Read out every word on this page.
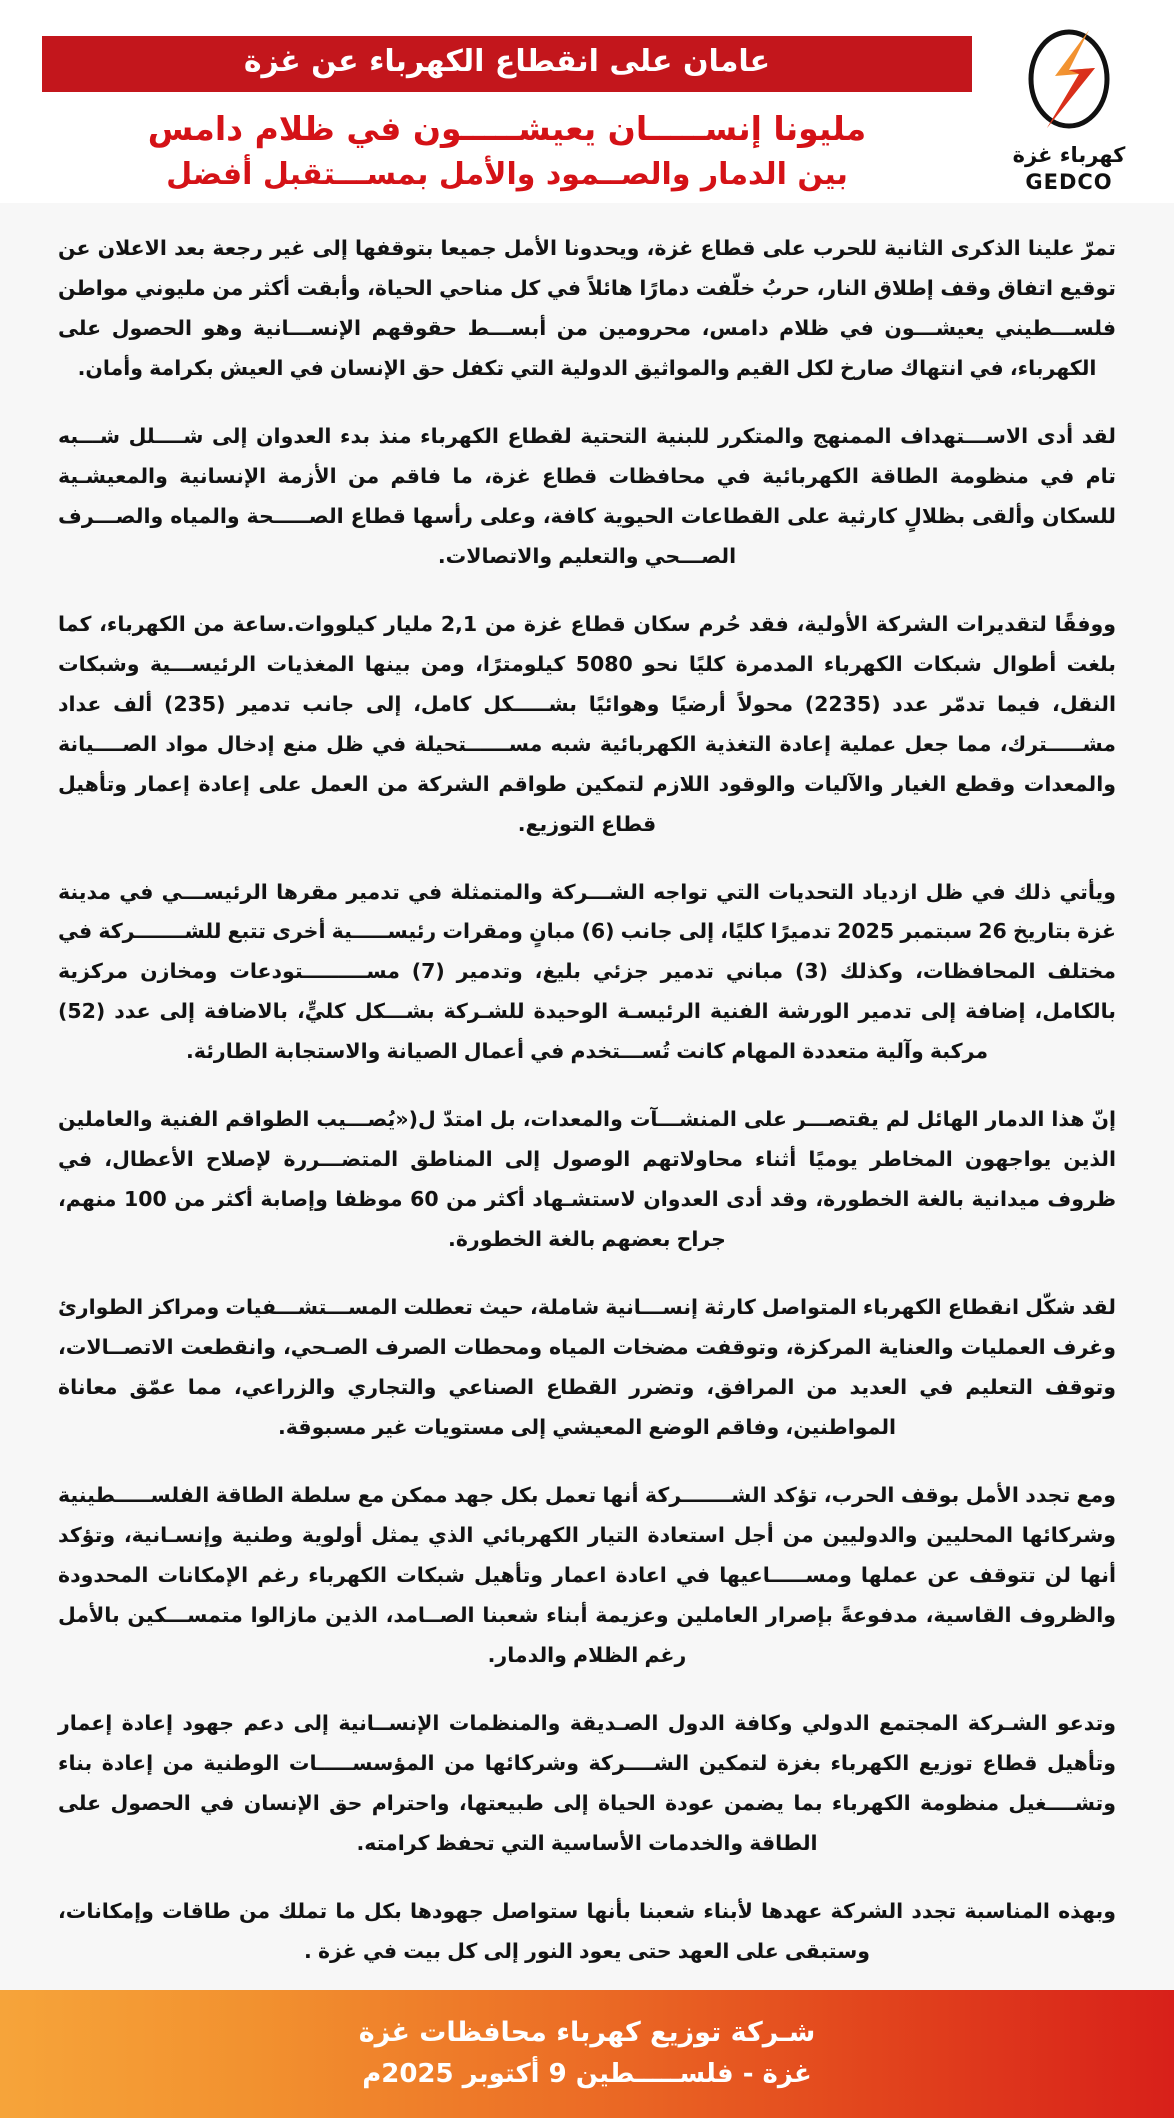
عامان على انقطاع الكهرباء عن غزة
مليونا إنســـــان يعيشـــــون في ظلام دامس
بين الدمار والصــمود والأمل بمســـتقبل أفضل
كهرباء غزة
GEDCO

تمرّ علينا الذكرى الثانية للحرب على قطاع غزة، ويحدونا الأمل جميعا بتوقفها إلى غير رجعة بعد الاعلان عن توقيع اتفاق وقف إطلاق النار، حربُ خلّفت دمارًا هائلاً في كل مناحي الحياة، وأبقت أكثر من مليوني مواطن فلســـطيني يعيشـــون في ظلام دامس، محرومين من أبســـط حقوقهم الإنســـانية وهو الحصول على الكهرباء، في انتهاك صارخ لكل القيم والمواثيق الدولية التي تكفل حق الإنسان في العيش بكرامة وأمان.

لقد أدى الاســـتهداف الممنهج والمتكرر للبنية التحتية لقطاع الكهرباء منذ بدء العدوان إلى شــــلل شـــبه تام في منظومة الطاقة الكهربائية في محافظات قطاع غزة، ما فاقم من الأزمة الإنسانية والمعيشـية للسكان وألقى بظلالٍ كارثية على القطاعات الحيوية كافة، وعلى رأسها قطاع الصـــــحة والمياه والصـــرف الصـــحي والتعليم والاتصالات.

ووفقًا لتقديرات الشركة الأولية، فقد حُرم سكان قطاع غزة من 2,1 مليار كيلووات.ساعة من الكهرباء، كما بلغت أطوال شبكات الكهرباء المدمرة كليًا نحو 5080 كيلومترًا، ومن بينها المغذيات الرئيســـية وشبكات النقل، فيما تدمّر عدد (2235) محولاً أرضيًا وهوائيًا بشـــــكل كامل، إلى جانب تدمير (235) ألف عداد مشـــــترك، مما جعل عملية إعادة التغذية الكهربائية شبه مســــــتحيلة في ظل منع إدخال مواد الصــــيانة والمعدات وقطع الغيار والآليات والوقود اللازم لتمكين طواقم الشركة من العمل على إعادة إعمار وتأهيل قطاع التوزيع.

ويأتي ذلك في ظل ازدياد التحديات التي تواجه الشـــركة والمتمثلة في تدمير مقرها الرئيســـي في مدينة غزة بتاريخ 26 سبتمبر 2025 تدميرًا كليًا، إلى جانب (6) مبانٍ ومقرات رئيســـــية أخرى تتبع للشـــــــركة في مختلف المحافظات، وكذلك (3) مباني تدمير جزئي بليغ، وتدمير (7) مســـــــــتودعات ومخازن مركزية بالكامل، إضافة إلى تدمير الورشة الفنية الرئيسـة الوحيدة للشـركة بشـــكل كليٍّ، بالاضافة إلى عدد (52) مركبة وآلية متعددة المهام كانت تُســـتخدم في أعمال الصيانة والاستجابة الطارئة.

إنّ هذا الدمار الهائل لم يقتصـــر على المنشـــآت والمعدات، بل امتدّ ل(«يُصـــيب الطواقم الفنية والعاملين الذين يواجهون المخاطر يوميًا أثناء محاولاتهم الوصول إلى المناطق المتضـــررة لإصلاح الأعطال، في ظروف ميدانية بالغة الخطورة، وقد أدى العدوان لاستشـهاد أكثر من 60 موظفا وإصابة أكثر من 100 منهم، جراح بعضهم بالغة الخطورة.

لقد شكّل انقطاع الكهرباء المتواصل كارثة إنســـانية شاملة، حيث تعطلت المســـتشـــفيات ومراكز الطوارئ وغرف العمليات والعناية المركزة، وتوقفت مضخات المياه ومحطات الصرف الصـحي، وانقطعت الاتصــالات، وتوقف التعليم في العديد من المرافق، وتضرر القطاع الصناعي والتجاري والزراعي، مما عمّق معاناة المواطنين، وفاقم الوضع المعيشي إلى مستويات غير مسبوقة.

ومع تجدد الأمل بوقف الحرب، تؤكد الشـــــــركة أنها تعمل بكل جهد ممكن مع سلطة الطاقة الفلســـــطينية وشركائها المحليين والدوليين من أجل استعادة التيار الكهربائي الذي يمثل أولوية وطنية وإنسـانية، وتؤكد أنها لن تتوقف عن عملها ومســـــاعيها في اعادة اعمار وتأهيل شبكات الكهرباء رغم الإمكانات المحدودة والظروف القاسية، مدفوعةً بإصرار العاملين وعزيمة أبناء شعبنا الصــامد، الذين مازالوا متمســـكين بالأمل رغم الظلام والدمار.

وتدعو الشـركة المجتمع الدولي وكافة الدول الصـديقة والمنظمات الإنســانية إلى دعم جهود إعادة إعمار وتأهيل قطاع توزيع الكهرباء بغزة لتمكين الشــــركة وشركائها من المؤسســـــات الوطنية من إعادة بناء وتشــــغيل منظومة الكهرباء بما يضمن عودة الحياة إلى طبيعتها، واحترام حق الإنسان في الحصول على الطاقة والخدمات الأساسية التي تحفظ كرامته.

وبهذه المناسبة تجدد الشركة عهدها لأبناء شعبنا بأنها ستواصل جهودها بكل ما تملك من طاقات وإمكانات، وستبقى على العهد حتى يعود النور إلى كل بيت في غزة .

شـركة توزيع كهرباء محافظات غزة
غزة - فلســـــطين 9 أكتوبر 2025م
